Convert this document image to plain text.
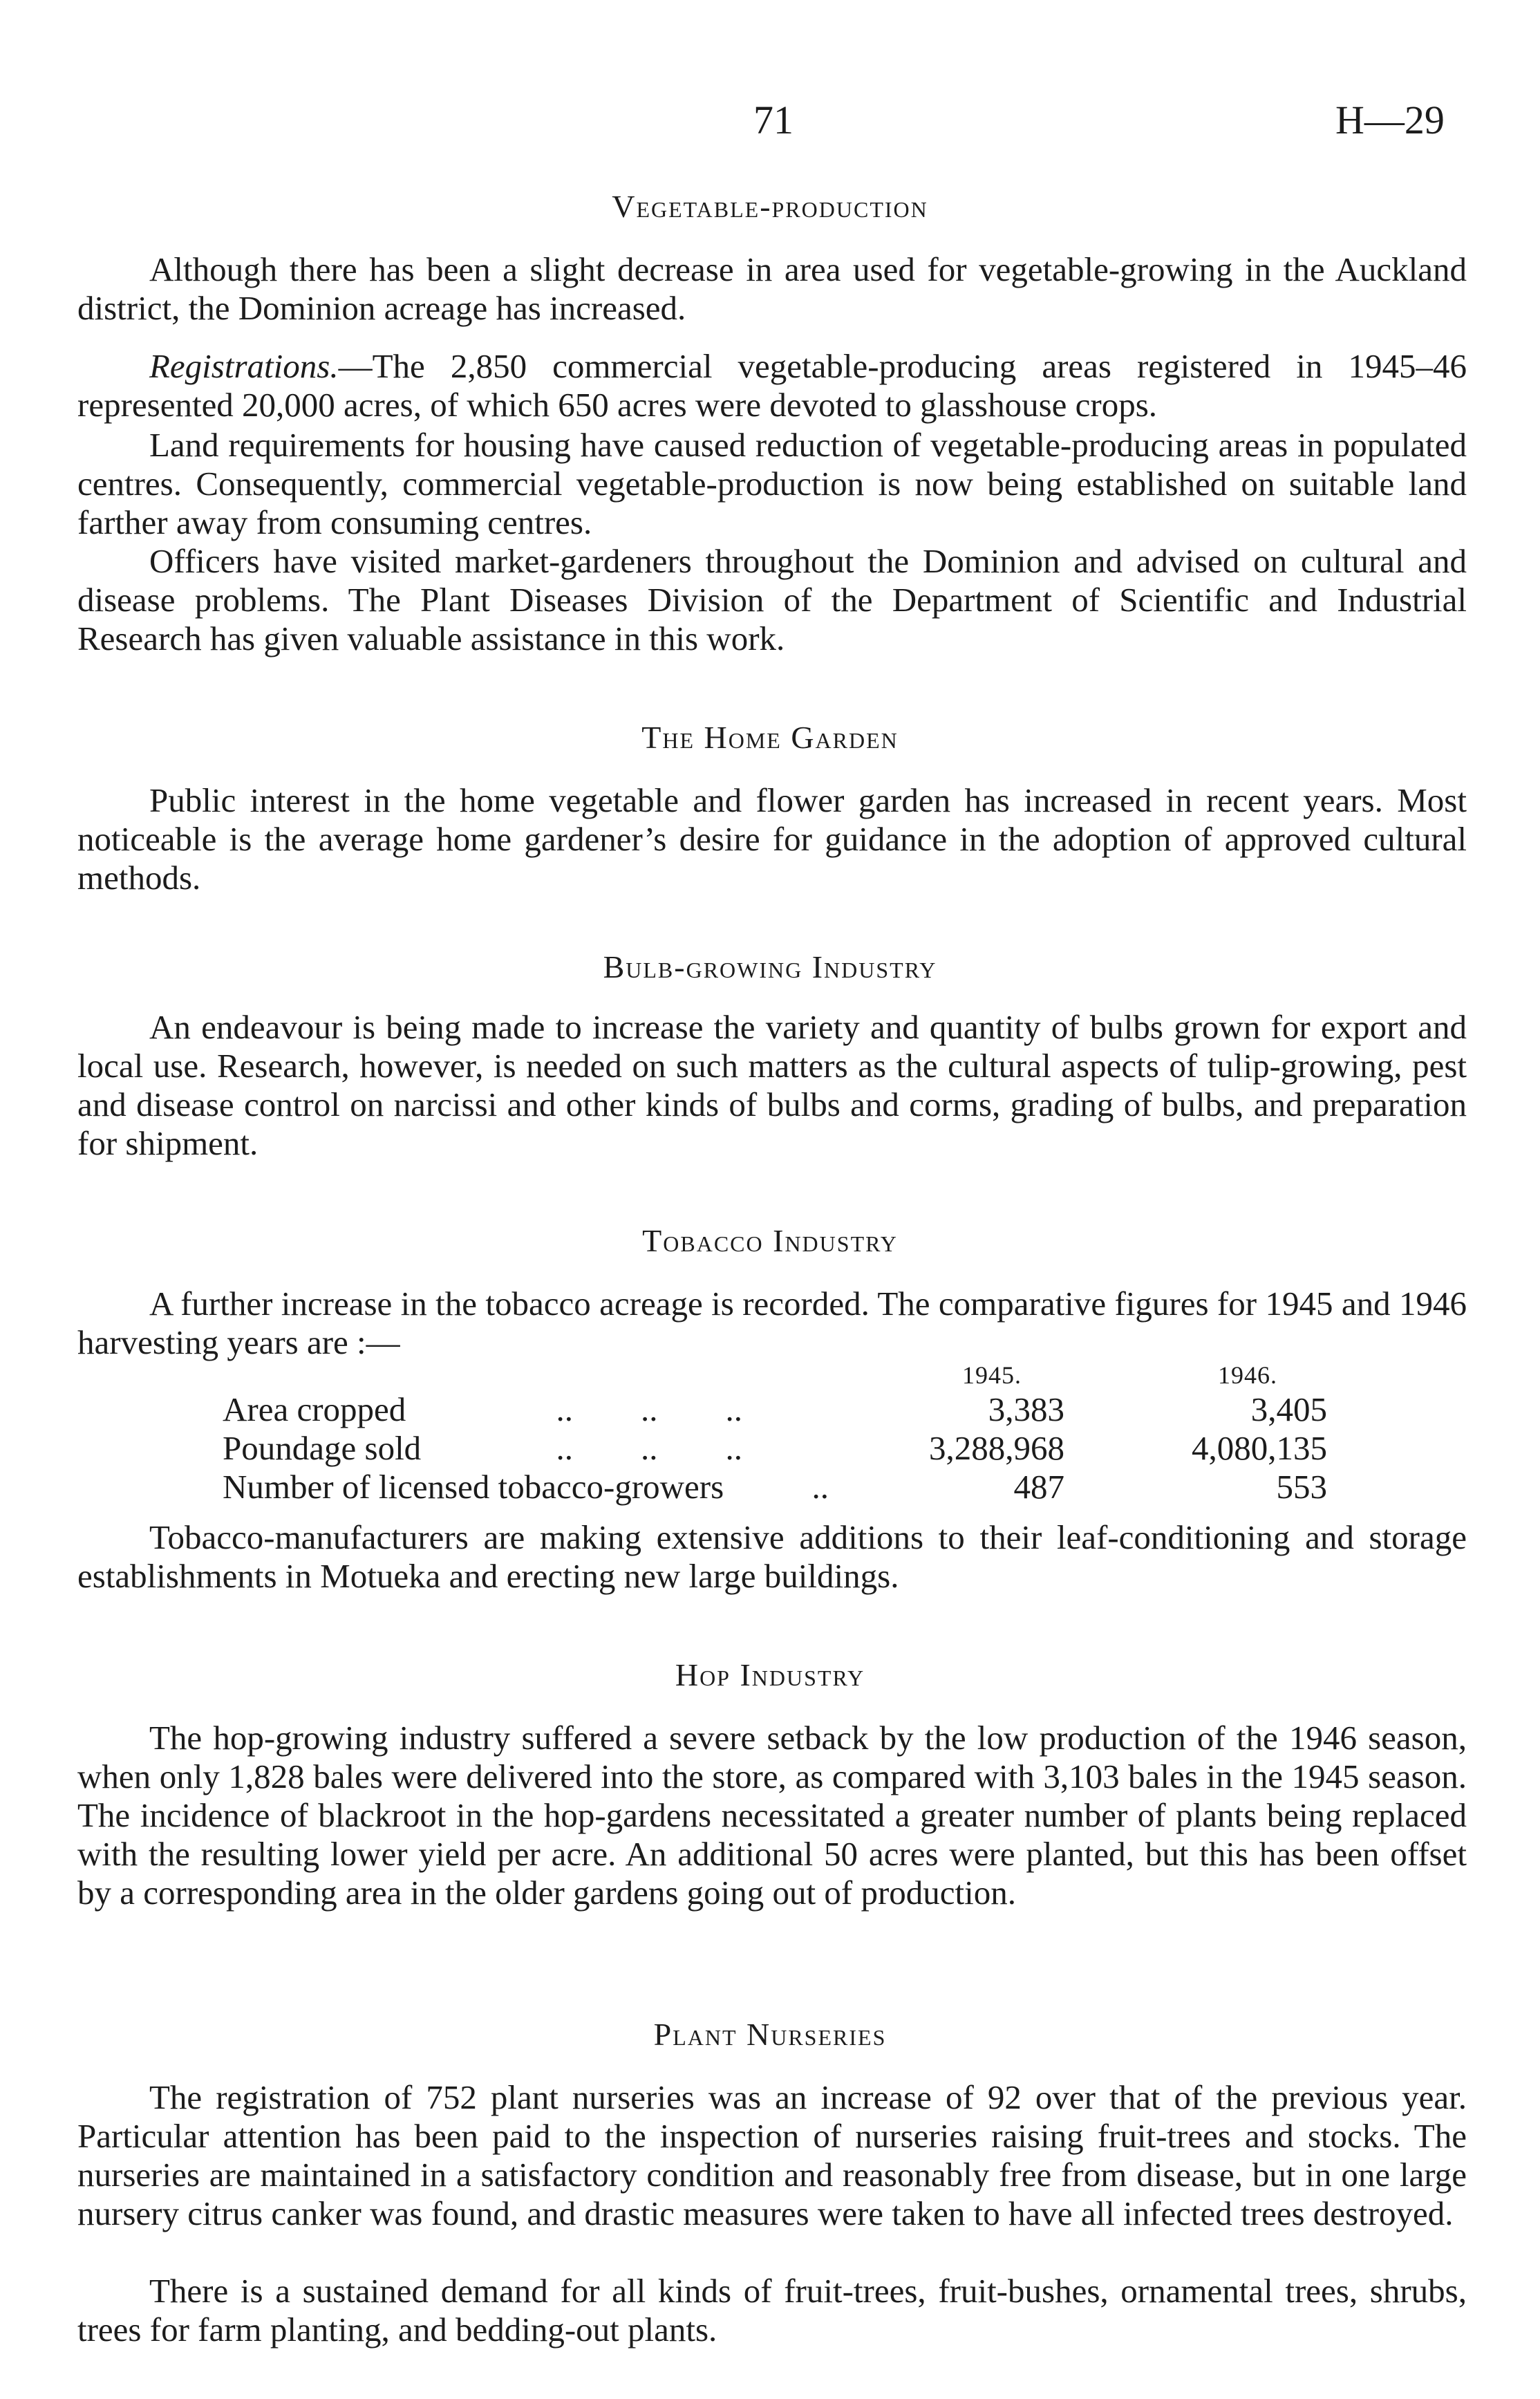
71	H—29
Vegetable-production
Although there has been a slight decrease in area used for vegetable-growing in the Auckland district, the Dominion acreage has increased.
Registrations.—The 2,850 commercial vegetable-producing areas registered in 1945–46 represented 20,000 acres, of which 650 acres were devoted to glasshouse crops.
Land requirements for housing have caused reduction of vegetable-producing areas in populated centres. Consequently, commercial vegetable-production is now being established on suitable land farther away from consuming centres.
Officers have visited market-gardeners throughout the Dominion and advised on cultural and disease problems. The Plant Diseases Division of the Department of Scientific and Industrial Research has given valuable assistance in this work.
The Home Garden
Public interest in the home vegetable and flower garden has increased in recent years. Most noticeable is the average home gardener’s desire for guidance in the adoption of approved cultural methods.
Bulb-growing Industry
An endeavour is being made to increase the variety and quantity of bulbs grown for export and local use. Research, however, is needed on such matters as the cultural aspects of tulip-growing, pest and disease control on narcissi and other kinds of bulbs and corms, grading of bulbs, and preparation for shipment.
Tobacco Industry
A further increase in the tobacco acreage is recorded. The comparative figures for 1945 and 1946 harvesting years are :—
1945.	1946.
Area cropped	..        ..        ..	3,383	3,405
Poundage sold	..        ..        ..	3,288,968	4,080,135
Number of licensed tobacco-growers ..	487	553
Tobacco-manufacturers are making extensive additions to their leaf-conditioning and storage establishments in Motueka and erecting new large buildings.
Hop Industry
The hop-growing industry suffered a severe setback by the low production of the 1946 season, when only 1,828 bales were delivered into the store, as compared with 3,103 bales in the 1945 season. The incidence of blackroot in the hop-gardens necessitated a greater number of plants being replaced with the resulting lower yield per acre. An additional 50 acres were planted, but this has been offset by a corresponding area in the older gardens going out of production.
Plant Nurseries
The registration of 752 plant nurseries was an increase of 92 over that of the previous year. Particular attention has been paid to the inspection of nurseries raising fruit-trees and stocks. The nurseries are maintained in a satisfactory condition and reasonably free from disease, but in one large nursery citrus canker was found, and drastic measures were taken to have all infected trees destroyed.
There is a sustained demand for all kinds of fruit-trees, fruit-bushes, ornamental trees, shrubs, trees for farm planting, and bedding-out plants.
